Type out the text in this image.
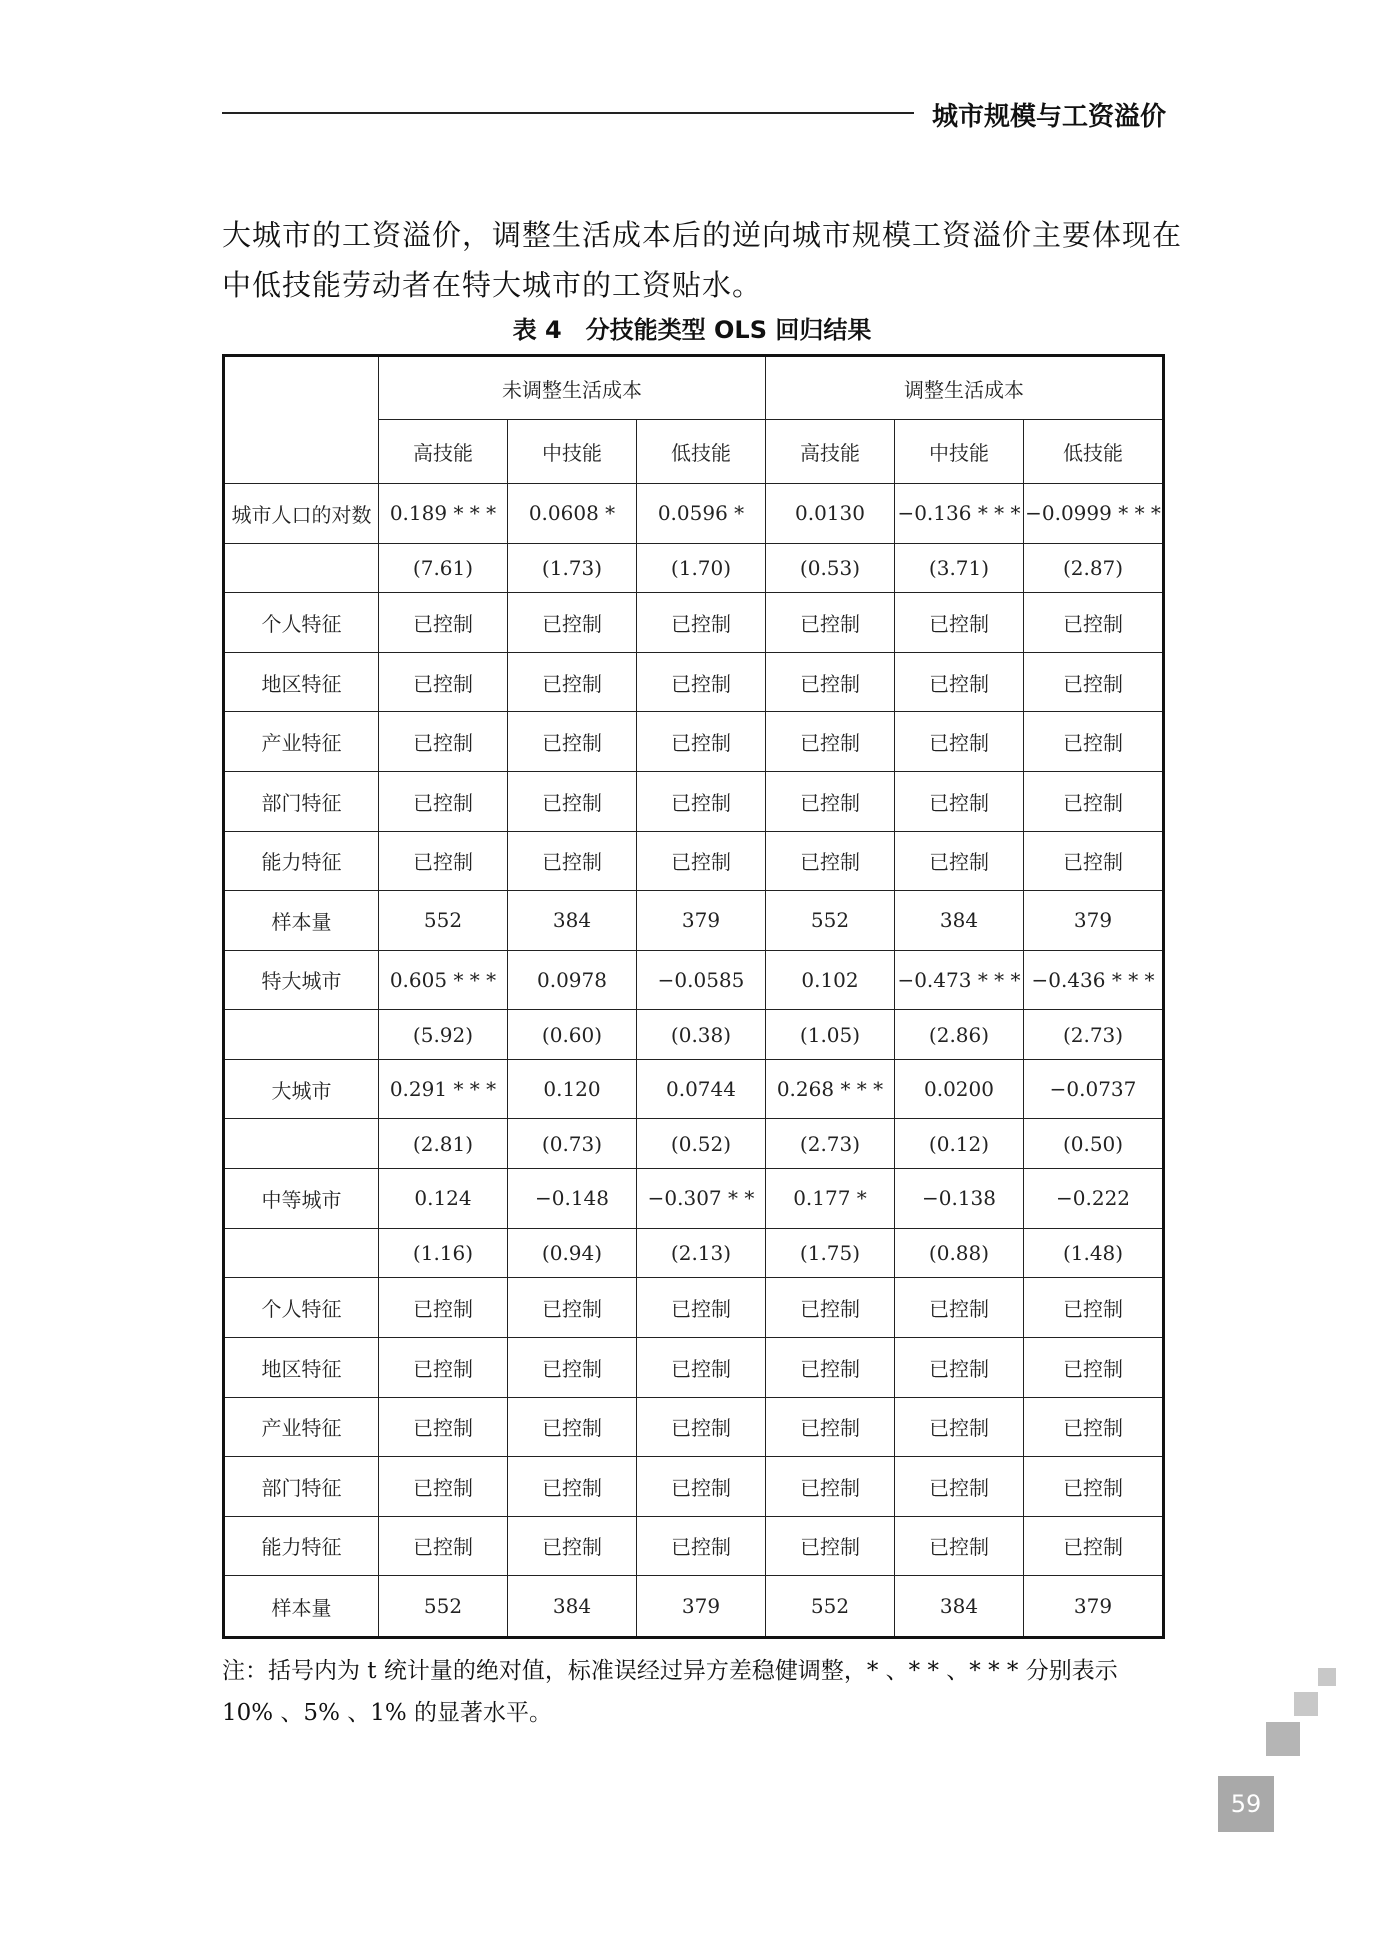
城市规模与工资溢价

大城市的工资溢价，调整生活成本后的逆向城市规模工资溢价主要体现在

中低技能劳动者在特大城市的工资贴水。

表 4　分技能类型 OLS 回归结果
	未调整生活成本			调整生活成本		
	高技能	中技能	低技能	高技能	中技能	低技能
城市人口的对数	0.189 * * *	0.0608 *	0.0596 *	0.0130	−0.136 * * *	−0.0999 * * *
	(7.61)	(1.73)	(1.70)	(0.53)	(3.71)	(2.87)
个人特征	已控制	已控制	已控制	已控制	已控制	已控制
地区特征	已控制	已控制	已控制	已控制	已控制	已控制
产业特征	已控制	已控制	已控制	已控制	已控制	已控制
部门特征	已控制	已控制	已控制	已控制	已控制	已控制
能力特征	已控制	已控制	已控制	已控制	已控制	已控制
样本量	552	384	379	552	384	379
特大城市	0.605 * * *	0.0978	−0.0585	0.102	−0.473 * * *	−0.436 * * *
	(5.92)	(0.60)	(0.38)	(1.05)	(2.86)	(2.73)
大城市	0.291 * * *	0.120	0.0744	0.268 * * *	0.0200	−0.0737
	(2.81)	(0.73)	(0.52)	(2.73)	(0.12)	(0.50)
中等城市	0.124	−0.148	−0.307 * *	0.177 *	−0.138	−0.222
	(1.16)	(0.94)	(2.13)	(1.75)	(0.88)	(1.48)
个人特征	已控制	已控制	已控制	已控制	已控制	已控制
地区特征	已控制	已控制	已控制	已控制	已控制	已控制
产业特征	已控制	已控制	已控制	已控制	已控制	已控制
部门特征	已控制	已控制	已控制	已控制	已控制	已控制
能力特征	已控制	已控制	已控制	已控制	已控制	已控制
样本量	552	384	379	552	384	379

注：括号内为 t 统计量的绝对值，标准误经过异方差稳健调整，* 、* * 、* * * 分别表示

10% 、5% 、1% 的显著水平。

59
